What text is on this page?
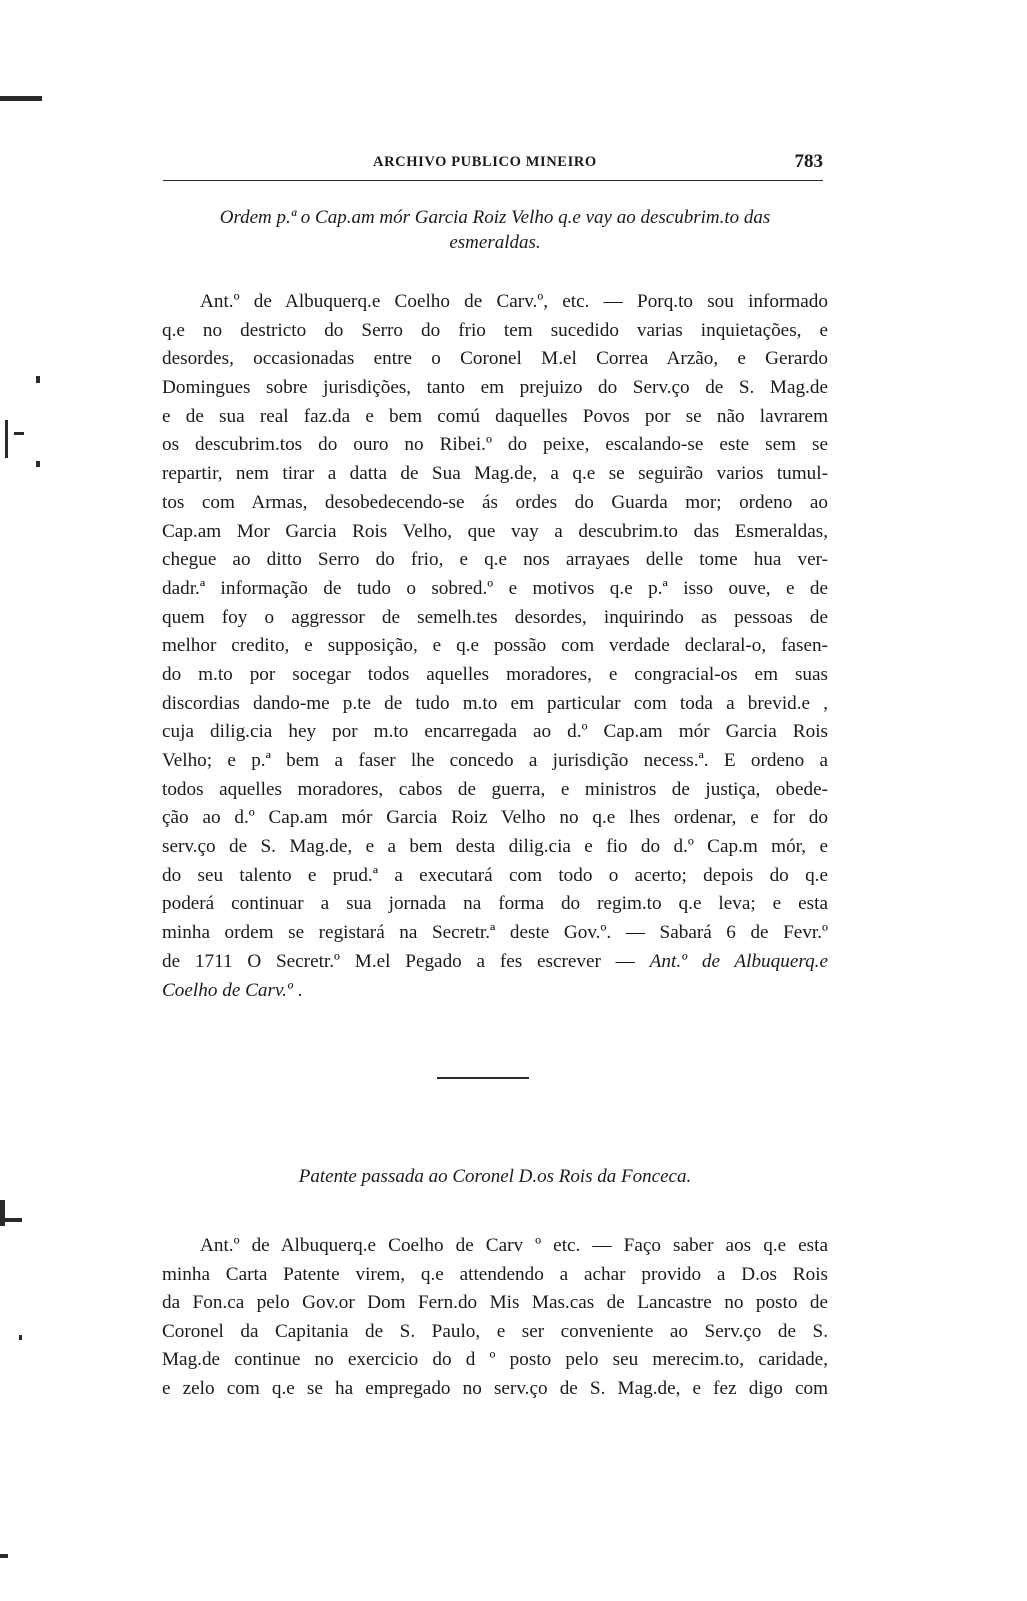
ARCHIVO PUBLICO MINEIRO	783
Ordem p.ª o Cap.am mór Garcia Roiz Velho q.e vay ao descubrim.to das
esmeraldas.
Ant.º de Albuquerq.e Coelho de Carv.º, etc. — Porq.to sou informado
q.e no destricto do Serro do frio tem sucedido varias inquietações, e
desordes, occasionadas entre o Coronel M.el Correa Arzão, e Gerardo
Domingues sobre jurisdições, tanto em prejuizo do Serv.ço de S. Mag.de
e de sua real faz.da e bem comú daquelles Povos por se não lavrarem
os descubrim.tos do ouro no Ribei.º do peixe, escalando-se este sem se
repartir, nem tirar a datta de Sua Mag.de, a q.e se seguirão varios tumul-
tos com Armas, desobedecendo-se ás ordes do Guarda mor; ordeno ao
Cap.am Mor Garcia Rois Velho, que vay a descubrim.to das Esmeraldas,
chegue ao ditto Serro do frio, e q.e nos arrayaes delle tome hua ver-
dadr.ª informação de tudo o sobred.º e motivos q.e p.ª isso ouve, e de
quem foy o aggressor de semelh.tes desordes, inquirindo as pessoas de
melhor credito, e supposição, e q.e possão com verdade declaral-o, fasen-
do m.to por socegar todos aquelles moradores, e congracial-os em suas
discordias dando-me p.te de tudo m.to em particular com toda a brevid.e ,
cuja dilig.cia hey por m.to encarregada ao d.º Cap.am mór Garcia Rois
Velho; e p.ª bem a faser lhe concedo a jurisdição necess.ª. E ordeno a
todos aquelles moradores, cabos de guerra, e ministros de justiça, obede-
ção ao d.º Cap.am mór Garcia Roiz Velho no q.e lhes ordenar, e for do
serv.ço de S. Mag.de, e a bem desta dilig.cia e fio do d.º Cap.m mór, e
do seu talento e prud.ª a executará com todo o acerto; depois do q.e
poderá continuar a sua jornada na forma do regim.to q.e leva; e esta
minha ordem se registará na Secretr.ª deste Gov.º. — Sabará 6 de Fevr.º
de 1711 O Secretr.º M.el Pegado a fes escrever — Ant.º de Albuquerq.e
Coelho de Carv.º .
Patente passada ao Coronel D.os Rois da Fonceca.
Ant.º de Albuquerq.e Coelho de Carv º etc. — Faço saber aos q.e esta
minha Carta Patente virem, q.e attendendo a achar provido a D.os Rois
da Fon.ca pelo Gov.or Dom Fern.do Mis Mas.cas de Lancastre no posto de
Coronel da Capitania de S. Paulo, e ser conveniente ao Serv.ço de S.
Mag.de continue no exercicio do d º posto pelo seu merecim.to, caridade,
e zelo com q.e se ha empregado no serv.ço de S. Mag.de, e fez digo com
